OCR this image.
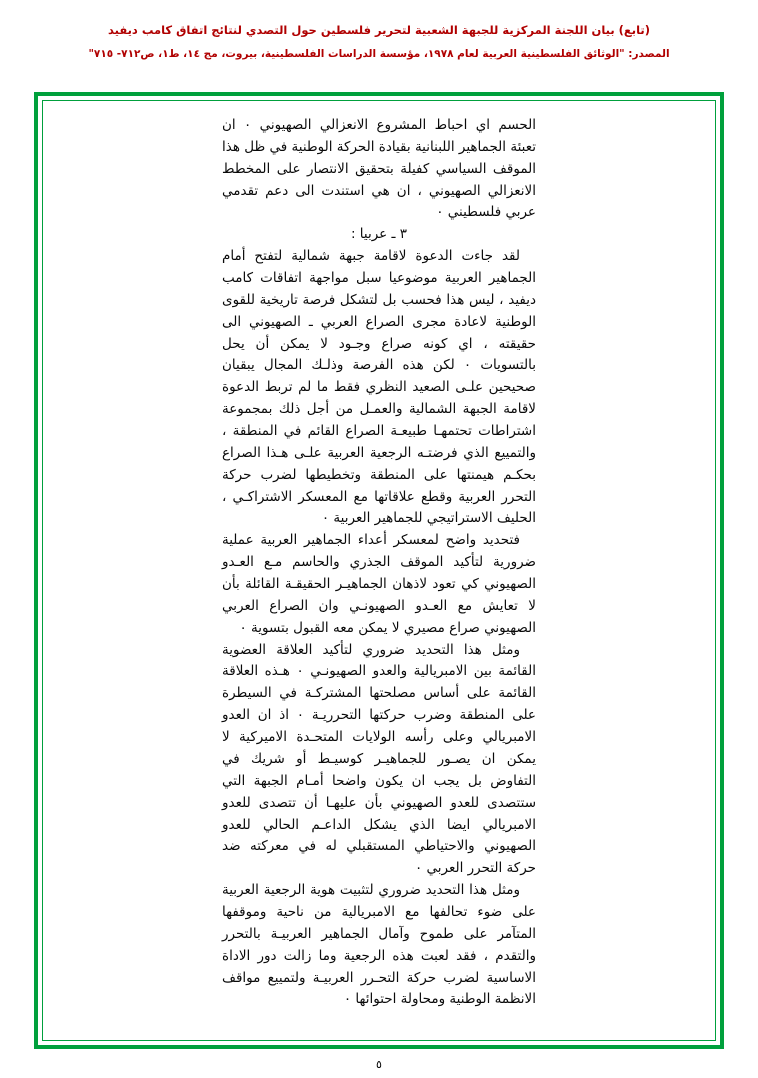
(تابع) بيان اللجنة المركزية للجبهة الشعبية لتحرير فلسطين حول التصدي لنتائج اتفاق كامب ديفيد
المصدر: "الوثائق الفلسطينية العربية لعام ١٩٧٨، مؤسسة الدراسات الفلسطينية، بيروت، مج ١٤، ط١، ص٧١٢- ٧١٥"

الحسم اي احباط المشروع الانعزالي الصهيوني ٠ ان تعبئة الجماهير اللبنانية بقيادة الحركة الوطنية في ظل هذا الموقف السياسي كفيلة بتحقيق الانتصار على المخطط الانعزالي الصهيوني ، ان هي استندت الى دعم تقدمي عربي فلسطيني ٠

٣ ـ عربيا :

لقد جاءت الدعوة لاقامة جبهة شمالية لتفتح أمام الجماهير العربية موضوعيا سبل مواجهة اتفاقات كامب ديفيد ، ليس هذا فحسب بل لتشكل فرصة تاريخية للقوى الوطنية لاعادة مجرى الصراع العربي ـ الصهيوني الى حقيقته ، اي كونه صراع وجـود لا يمكن أن يحل بالتسويات ٠ لكن هذه الفرصة وذلـك المجال يبقيان صحيحين علـى الصعيد النظري فقط ما لم تربط الدعوة لاقامة الجبهة الشمالية والعمـل من أجل ذلك بمجموعة اشتراطات تحتمهـا طبيعـة الصراع القائم في المنطقة ، والتمييع الذي فرضتـه الرجعية العربية علـى هـذا الصراع بحكـم هيمنتها على المنطقة وتخطيطها لضرب حركة التحرر العربية وقطع علاقاتها مع المعسكر الاشتراكـي ، الحليف الاستراتيجي للجماهير العربية ٠

فتحديد واضح لمعسكر أعداء الجماهير العربية عملية ضرورية لتأكيد الموقف الجذري والحاسم مـع العـدو الصهيوني كي تعود لاذهان الجماهيـر الحقيقـة القائلة بأن لا تعايش مع العـدو الصهيونـي وان الصراع العربي الصهيوني صراع مصيري لا يمكن معه القبول بتسوية ٠

ومثل هذا التحديد ضروري لتأكيد العلاقة العضوية القائمة بين الامبريالية والعدو الصهيونـي ٠ هـذه العلاقة القائمة على أساس مصلحتها المشتركـة في السيطرة على المنطقة وضرب حركتها التحرريـة ٠ اذ ان العدو الامبريالي وعلى رأسه الولايات المتحـدة الاميركية لا يمكن ان يصـور للجماهيـر كوسيـط أو شريك في التفاوض بل يجب ان يكون واضحا أمـام الجبهة التي ستتصدى للعدو الصهيوني بأن عليهـا أن تتصدى للعدو الامبريالي ايضا الذي يشكل الداعـم الحالي للعدو الصهيوني والاحتياطي المستقبلي له في معركته ضد حركة التحرر العربي ٠

ومثل هذا التحديد ضروري لتثبيت هوية الرجعية العربية على ضوء تحالفها مع الامبريالية من ناحية وموقفها المتآمر على طموح وآمال الجماهير العربيـة بالتحرر والتقدم ، فقد لعبت هذه الرجعية وما زالت دور الاداة الاساسية لضرب حركة التحـرر العربيـة ولتمييع مواقف الانظمة الوطنية ومحاولة احتوائها ٠

٥
